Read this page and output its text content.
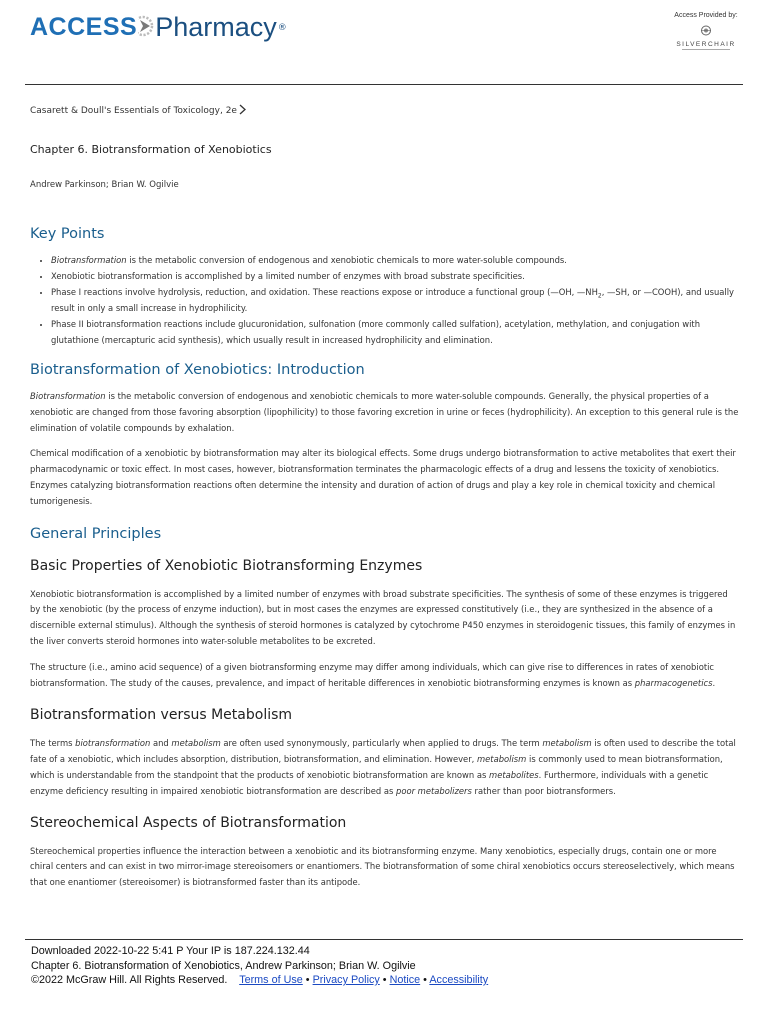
ACCESS Pharmacy ®
Access Provided by:
SILVERCHAIR
Casarett & Doull's Essentials of Toxicology, 2e
Chapter 6. Biotransformation of Xenobiotics
Andrew Parkinson; Brian W. Ogilvie
Key Points
• Biotransformation is the metabolic conversion of endogenous and xenobiotic chemicals to more water-soluble compounds.
• Xenobiotic biotransformation is accomplished by a limited number of enzymes with broad substrate specificities.
• Phase I reactions involve hydrolysis, reduction, and oxidation. These reactions expose or introduce a functional group (—OH, $—NH_2$, —SH, or —COOH), and usually result in only a small increase in hydrophilicity.
• Phase II biotransformation reactions include glucuronidation, sulfonation (more commonly called sulfation), acetylation, methylation, and conjugation with glutathione (mercapturic acid synthesis), which usually result in increased hydrophilicity and elimination.
Biotransformation of Xenobiotics: Introduction

Biotransformation is the metabolic conversion of endogenous and xenobiotic chemicals to more water-soluble compounds. Generally, the physical properties of a xenobiotic are changed from those favoring absorption (lipophilicity) to those favoring excretion in urine or feces (hydrophilicity). An exception to this general rule is the elimination of volatile compounds by exhalation.

Chemical modification of a xenobiotic by biotransformation may alter its biological effects. Some drugs undergo biotransformation to active metabolites that exert their pharmacodynamic or toxic effect. In most cases, however, biotransformation terminates the pharmacologic effects of a drug and lessens the toxicity of xenobiotics. Enzymes catalyzing biotransformation reactions often determine the intensity and duration of action of drugs and play a key role in chemical toxicity and chemical tumorigenesis.

General Principles
Basic Properties of Xenobiotic Biotransforming Enzymes

Xenobiotic biotransformation is accomplished by a limited number of enzymes with broad substrate specificities. The synthesis of some of these enzymes is triggered by the xenobiotic (by the process of enzyme induction), but in most cases the enzymes are expressed constitutively (i.e., they are synthesized in the absence of a discernible external stimulus). Although the synthesis of steroid hormones is catalyzed by cytochrome P450 enzymes in steroidogenic tissues, this family of enzymes in the liver converts steroid hormones into water-soluble metabolites to be excreted.

The structure (i.e., amino acid sequence) of a given biotransforming enzyme may differ among individuals, which can give rise to differences in rates of xenobiotic biotransformation. The study of the causes, prevalence, and impact of heritable differences in xenobiotic biotransforming enzymes is known as pharmacogenetics.

Biotransformation versus Metabolism

The terms biotransformation and metabolism are often used synonymously, particularly when applied to drugs. The term metabolism is often used to describe the total fate of a xenobiotic, which includes absorption, distribution, biotransformation, and elimination. However, metabolism is commonly used to mean biotransformation, which is understandable from the standpoint that the products of xenobiotic biotransformation are known as metabolites. Furthermore, individuals with a genetic enzyme deficiency resulting in impaired xenobiotic biotransformation are described as poor metabolizers rather than poor biotransformers.

Stereochemical Aspects of Biotransformation

Stereochemical properties influence the interaction between a xenobiotic and its biotransforming enzyme. Many xenobiotics, especially drugs, contain one or more chiral centers and can exist in two mirror-image stereoisomers or enantiomers. The biotransformation of some chiral xenobiotics occurs stereoselectively, which means that one enantiomer (stereoisomer) is biotransformed faster than its antipode.

Downloaded 2022-10-22 5:41 P Your IP is 187.224.132.44
Chapter 6. Biotransformation of Xenobiotics, Andrew Parkinson; Brian W. Ogilvie
©2022 McGraw Hill. All Rights Reserved. Terms of Use • Privacy Policy • Notice • Accessibility
